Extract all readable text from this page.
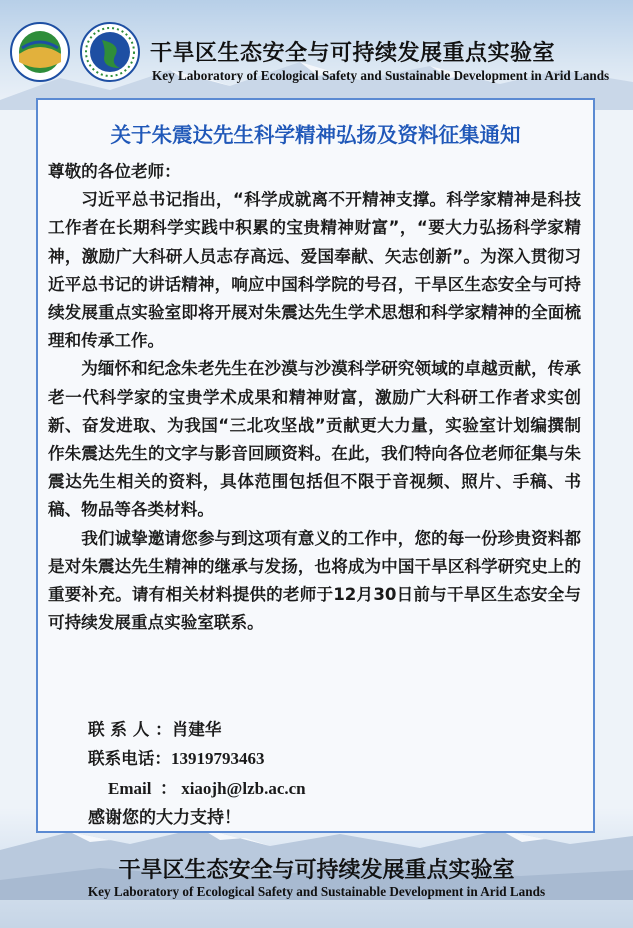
干旱区生态安全与可持续发展重点实验室
Key Laboratory of Ecological Safety and Sustainable Development in Arid Lands
关于朱震达先生科学精神弘扬及资料征集通知

尊敬的各位老师：

习近平总书记指出，“科学成就离不开精神支撑。科学家精神是科技工作者在长期科学实践中积累的宝贵精神财富”，“要大力弘扬科学家精神，激励广大科研人员志存高远、爱国奉献、矢志创新”。为深入贯彻习近平总书记的讲话精神，响应中国科学院的号召，干旱区生态安全与可持续发展重点实验室即将开展对朱震达先生学术思想和科学家精神的全面梳理和传承工作。

为缅怀和纪念朱老先生在沙漠与沙漠科学研究领域的卓越贡献，传承老一代科学家的宝贵学术成果和精神财富，激励广大科研工作者求实创新、奋发进取、为我国“三北攻坚战”贡献更大力量，实验室计划编撰制作朱震达先生的文字与影音回顾资料。在此，我们特向各位老师征集与朱震达先生相关的资料，具体范围包括但不限于音视频、照片、手稿、书稿、物品等各类材料。

我们诚挚邀请您参与到这项有意义的工作中，您的每一份珍贵资料都是对朱震达先生精神的继承与发扬，也将成为中国干旱区科学研究史上的重要补充。请有相关材料提供的老师于12月30日前与干旱区生态安全与可持续发展重点实验室联系。

联 系 人 ：肖建华
联系电话：13919793463
Email  ： xiaojh@lzb.ac.cn
感谢您的大力支持！
干旱区生态安全与可持续发展重点实验室
Key Laboratory of Ecological Safety and Sustainable Development in Arid Lands
